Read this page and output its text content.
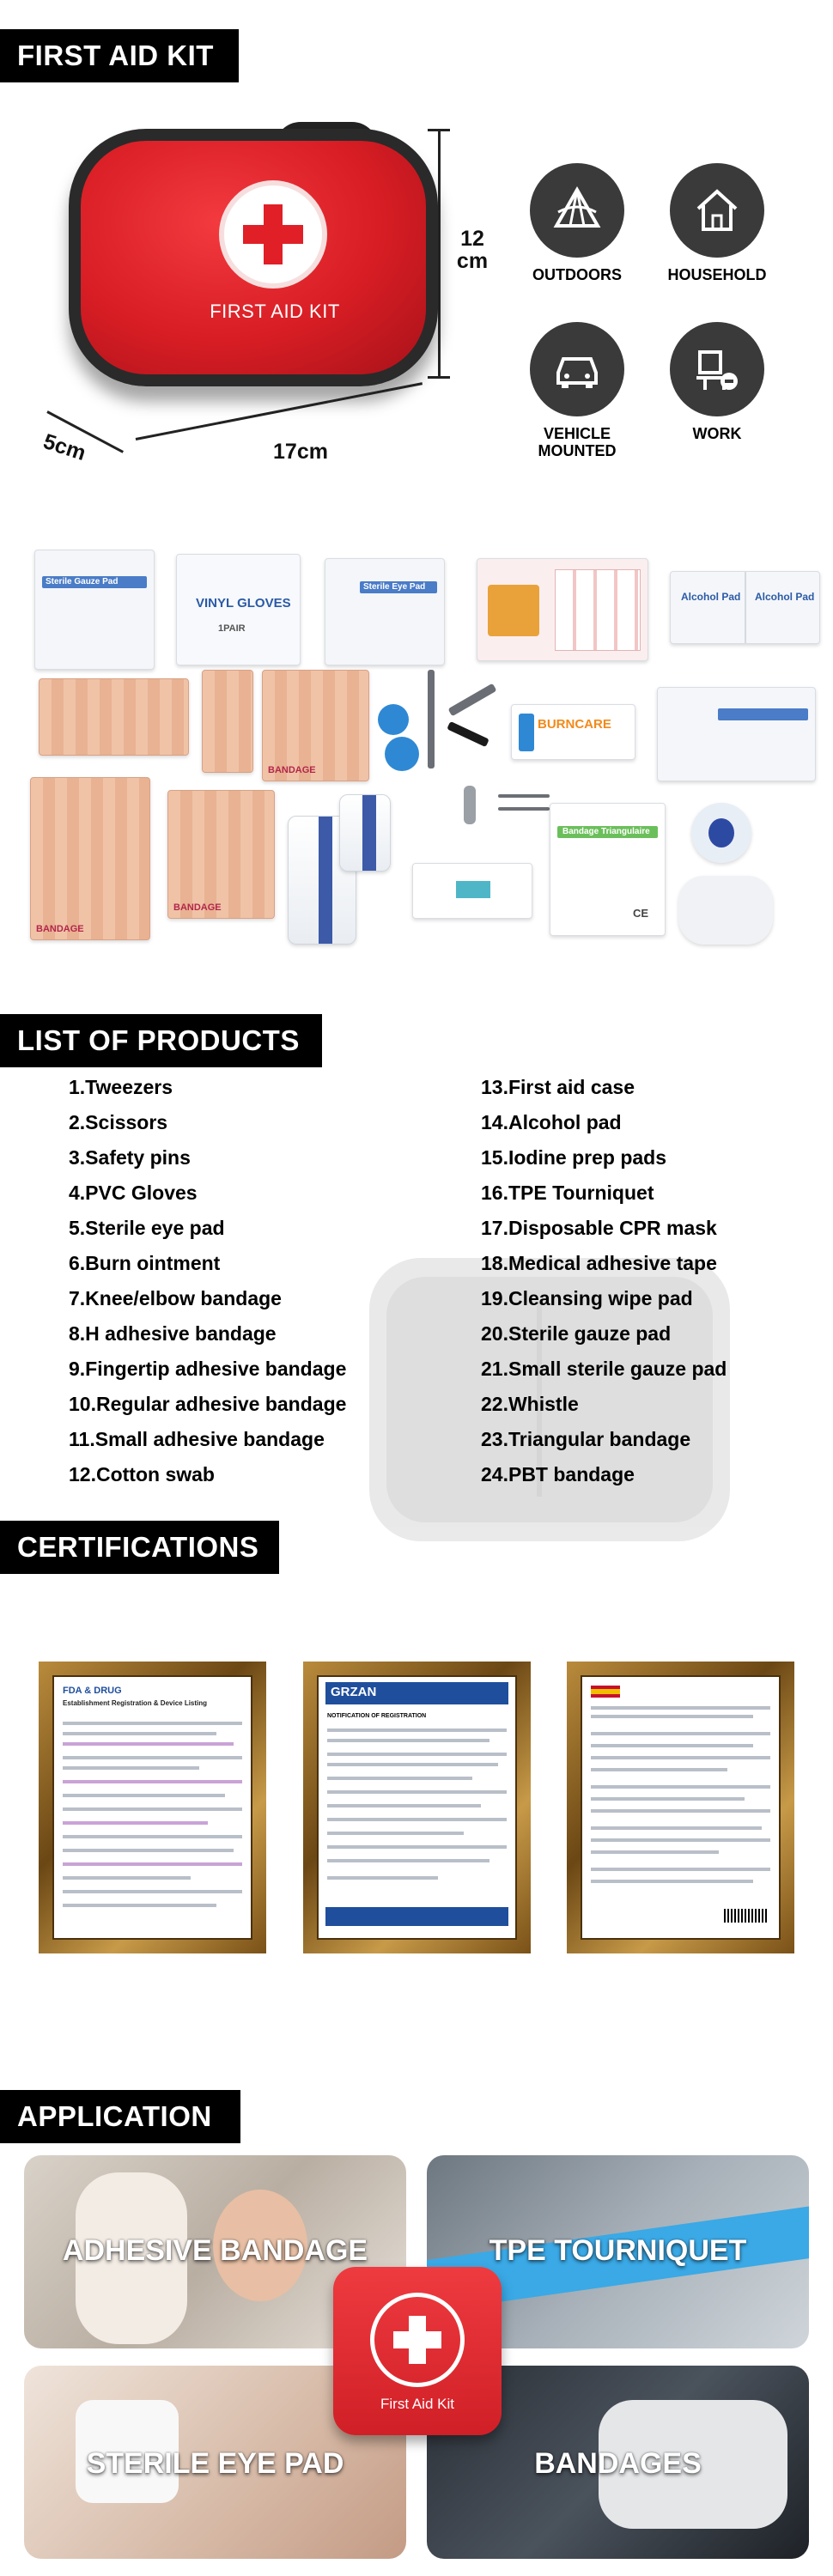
FIRST AID KIT
FIRST AID KIT
12
cm
17cm
5cm
OUTDOORS	HOUSEHOLD
VEHICLE
MOUNTED
WORK
Sterile Gauze Pad
VINYL GLOVES
1PAIR
Sterile Eye Pad
Alcohol Pad Alcohol Pad
BANDAGE
BURNCARE
BANDAGE
BANDAGE
Bandage Triangulaire
CE
LIST OF PRODUCTS
1.Tweezers
2.Scissors
3.Safety pins
4.PVC Gloves
5.Sterile eye pad
6.Burn ointment
7.Knee/elbow bandage
8.H adhesive bandage
9.Fingertip adhesive bandage
10.Regular adhesive bandage
11.Small adhesive bandage
12.Cotton swab
13.First aid case
14.Alcohol pad
15.Iodine prep pads
16.TPE Tourniquet
17.Disposable CPR mask
18.Medical adhesive tape
19.Cleansing wipe pad
20.Sterile gauze pad
21.Small sterile gauze pad
22.Whistle
23.Triangular bandage
24.PBT bandage
CERTIFICATIONS
FDA & DRUG
Establishment Registration & Device Listing
GRZAN
NOTIFICATION OF REGISTRATION
APPLICATION
ADHESIVE BANDAGE	TPE TOURNIQUET
STERILE EYE PAD	BANDAGES
First Aid Kit
